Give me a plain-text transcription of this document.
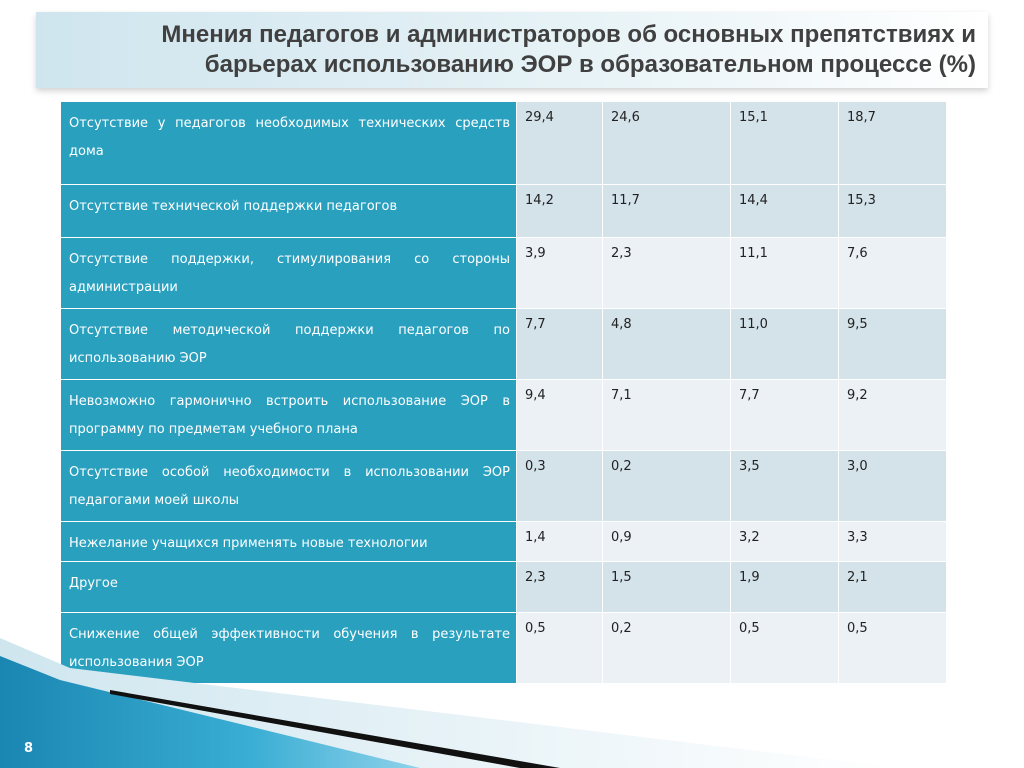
Мнения педагогов и администраторов об основных препятствиях и
барьерах использованию ЭОР в образовательном процессе (%)
Отсутствие у педагогов необходимых технических средств дома	29,4	24,6	15,1	18,7

Отсутствие технической поддержки педагогов	14,2	11,7	14,4	15,3

Отсутствие поддержки, стимулирования со стороны администрации	3,9	2,3	11,1	7,6

Отсутствие методической поддержки педагогов по использованию ЭОР	7,7	4,8	11,0	9,5

Невозможно гармонично встроить использование ЭОР в программу по предметам учебного плана	9,4	7,1	7,7	9,2

Отсутствие особой необходимости в использовании ЭОР педагогами моей школы	0,3	0,2	3,5	3,0

Нежелание учащихся применять новые технологии	1,4	0,9	3,2	3,3

Другое	2,3	1,5	1,9	2,1

Снижение общей эффективности обучения в результате использования ЭОР	0,5	0,2	0,5	0,5
8
